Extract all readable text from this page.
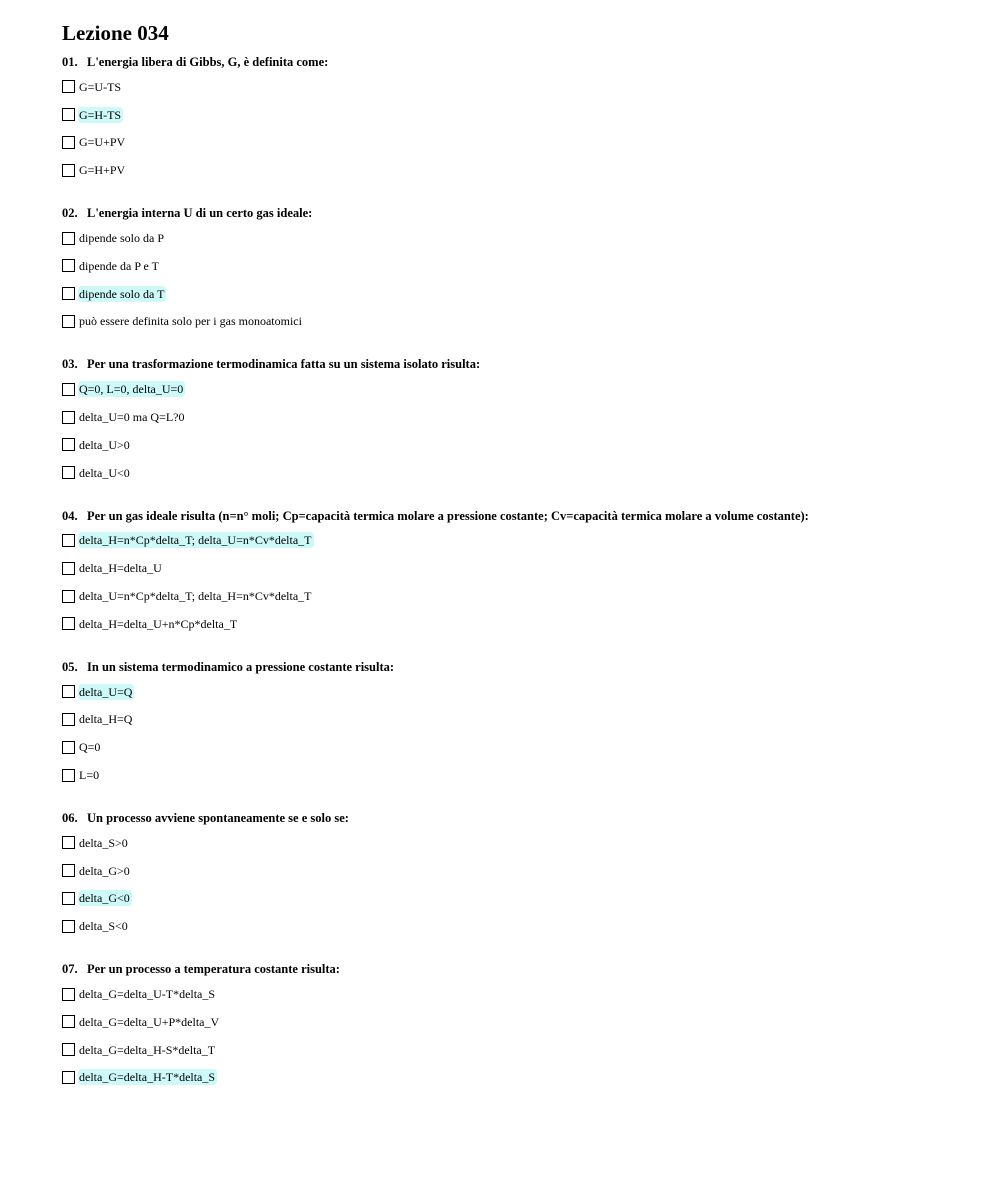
Lezione 034
01. L'energia libera di Gibbs, G, è definita come:
G=U-TS
G=H-TS
G=U+PV
G=H+PV
02. L'energia interna U di un certo gas ideale:
dipende solo da P
dipende da P e T
dipende solo da T
può essere definita solo per i gas monoatomici
03. Per una trasformazione termodinamica fatta su un sistema isolato risulta:
Q=0, L=0, delta_U=0
delta_U=0 ma Q=L?0
delta_U>0
delta_U<0
04. Per un gas ideale risulta (n=n° moli; Cp=capacità termica molare a pressione costante; Cv=capacità termica molare a volume costante):
delta_H=n*Cp*delta_T; delta_U=n*Cv*delta_T
delta_H=delta_U
delta_U=n*Cp*delta_T; delta_H=n*Cv*delta_T
delta_H=delta_U+n*Cp*delta_T
05. In un sistema termodinamico a pressione costante risulta:
delta_U=Q
delta_H=Q
Q=0
L=0
06. Un processo avviene spontaneamente se e solo se:
delta_S>0
delta_G>0
delta_G<0
delta_S<0
07. Per un processo a temperatura costante risulta:
delta_G=delta_U-T*delta_S
delta_G=delta_U+P*delta_V
delta_G=delta_H-S*delta_T
delta_G=delta_H-T*delta_S
